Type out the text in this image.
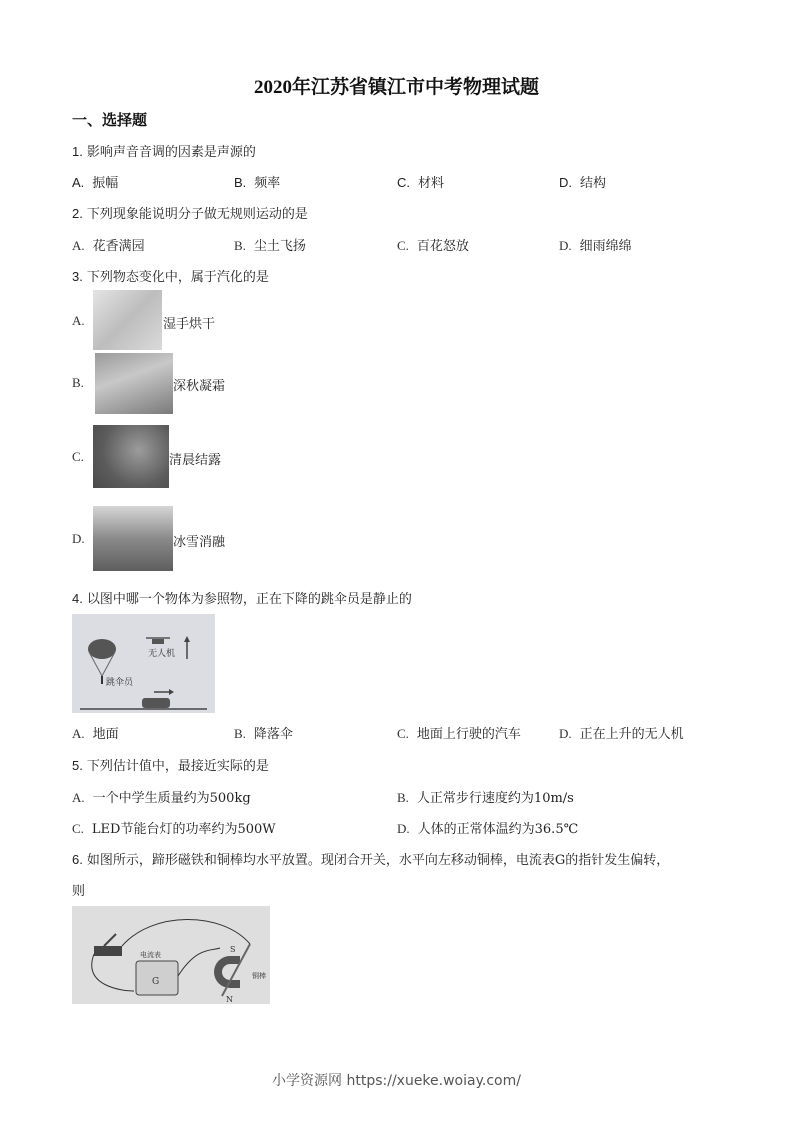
2020年江苏省镇江市中考物理试题
一、选择题
1. 影响声音音调的因素是声源的
A. 振幅	B. 频率	C. 材料	D. 结构
2. 下列现象能说明分子做无规则运动的是
A. 花香满园	B. 尘土飞扬	C. 百花怒放	D. 细雨绵绵
3. 下列物态变化中，属于汽化的是
A.	湿手烘干
B.	深秋凝霜
C.	清晨结露
D.	冰雪消融
4. 以图中哪一个物体为参照物，正在下降的跳伞员是静止的
跳伞员
无人机
A. 地面	B. 降落伞	C. 地面上行驶的汽车	D. 正在上升的无人机
5. 下列估计值中，最接近实际的是
A. 一个中学生质量约为500kg	B. 人正常步行速度约为10m/s
C. LED节能台灯的功率约为500W	D. 人体的正常体温约为36.5℃
6. 如图所示，蹄形磁铁和铜棒均水平放置。现闭合开关，水平向左移动铜棒，电流表G的指针发生偏转，
则
G
电流表
S
N
铜棒
小学资源网 https://xueke.woiay.com/
